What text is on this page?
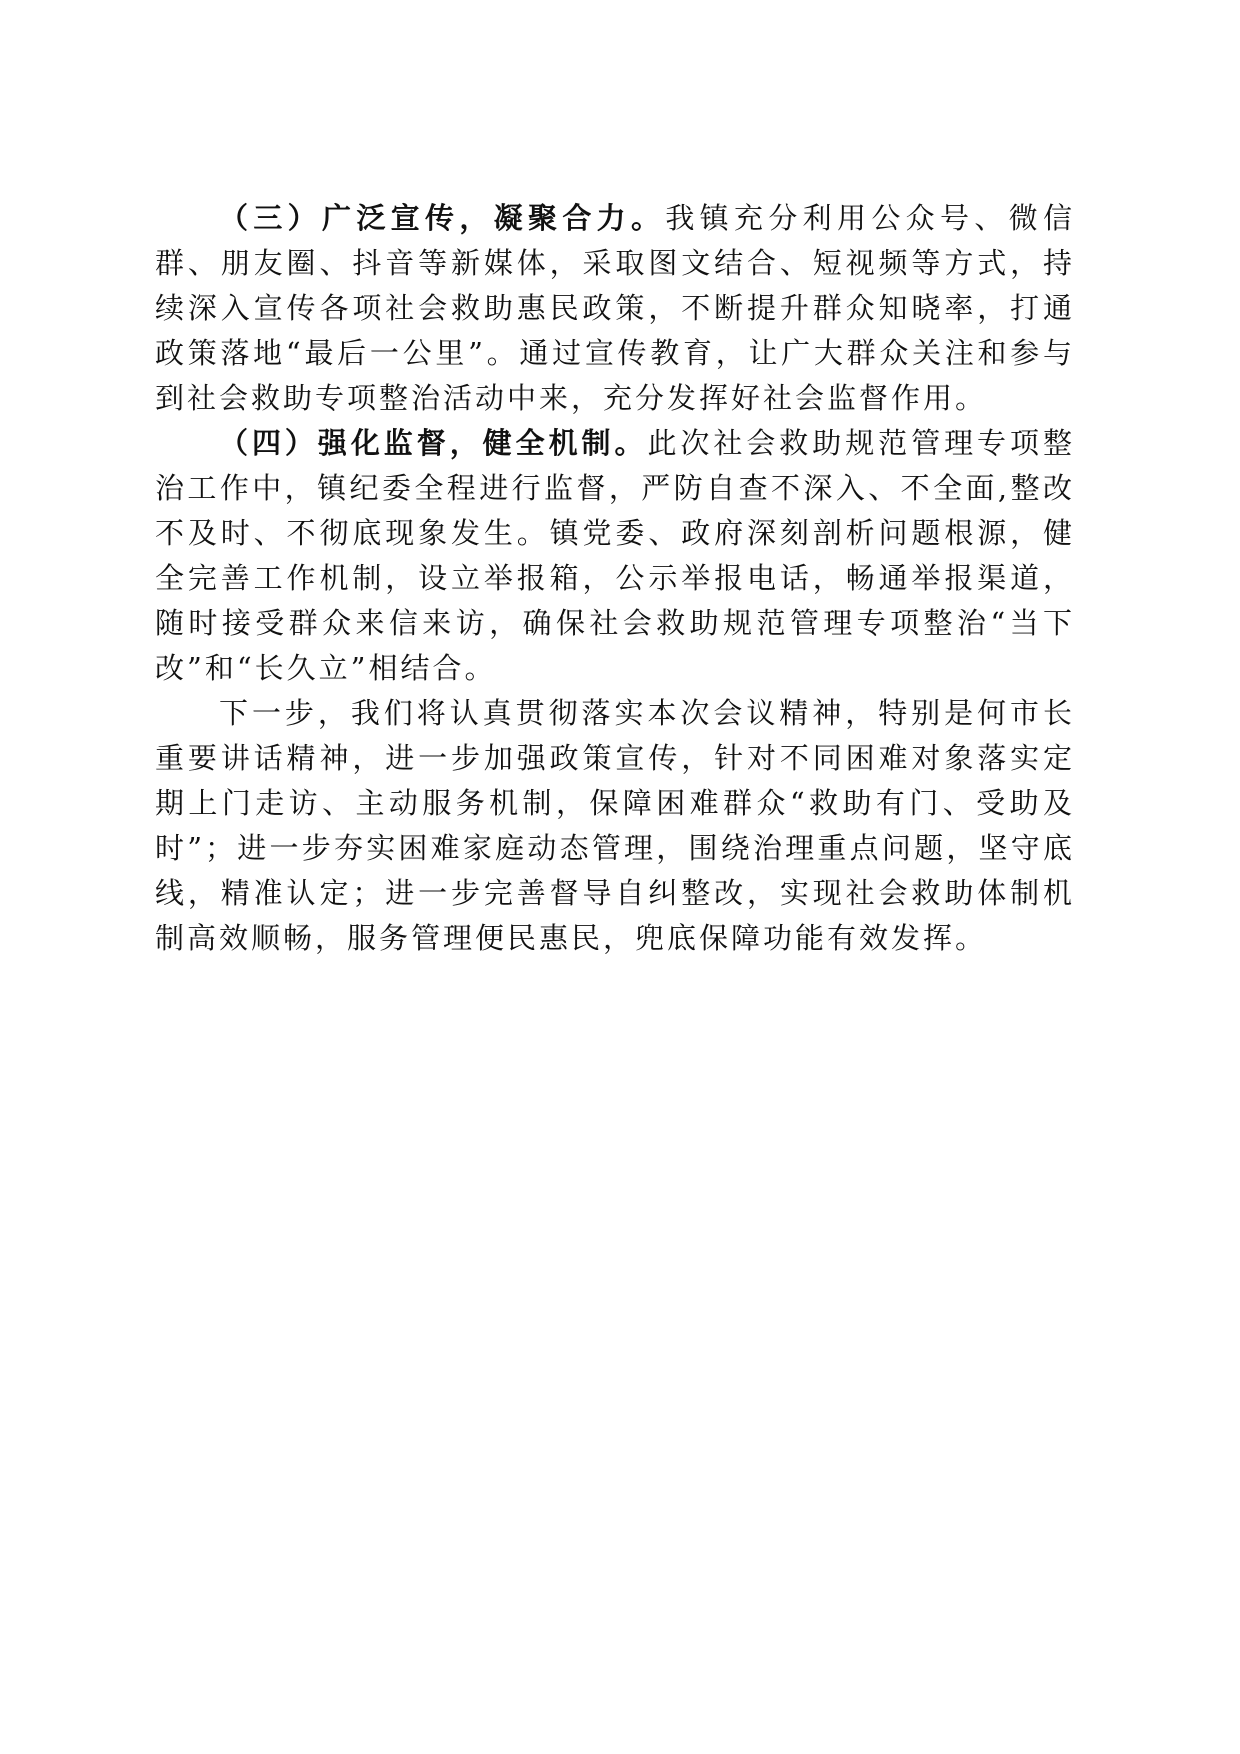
（三）广泛宣传，凝聚合力。我镇充分利用公众号、微信群、朋友圈、抖音等新媒体，采取图文结合、短视频等方式，持续深入宣传各项社会救助惠民政策，不断提升群众知晓率，打通政策落地“最后一公里”。通过宣传教育，让广大群众关注和参与到社会救助专项整治活动中来，充分发挥好社会监督作用。

（四）强化监督，健全机制。此次社会救助规范管理专项整治工作中，镇纪委全程进行监督，严防自查不深入、不全面,整改不及时、不彻底现象发生。镇党委、政府深刻剖析问题根源，健全完善工作机制，设立举报箱，公示举报电话，畅通举报渠道，随时接受群众来信来访，确保社会救助规范管理专项整治“当下改”和“长久立”相结合。

下一步，我们将认真贯彻落实本次会议精神，特别是何市长重要讲话精神，进一步加强政策宣传，针对不同困难对象落实定期上门走访、主动服务机制，保障困难群众“救助有门、受助及时”；进一步夯实困难家庭动态管理，围绕治理重点问题，坚守底线，精准认定；进一步完善督导自纠整改，实现社会救助体制机制高效顺畅，服务管理便民惠民，兜底保障功能有效发挥。
